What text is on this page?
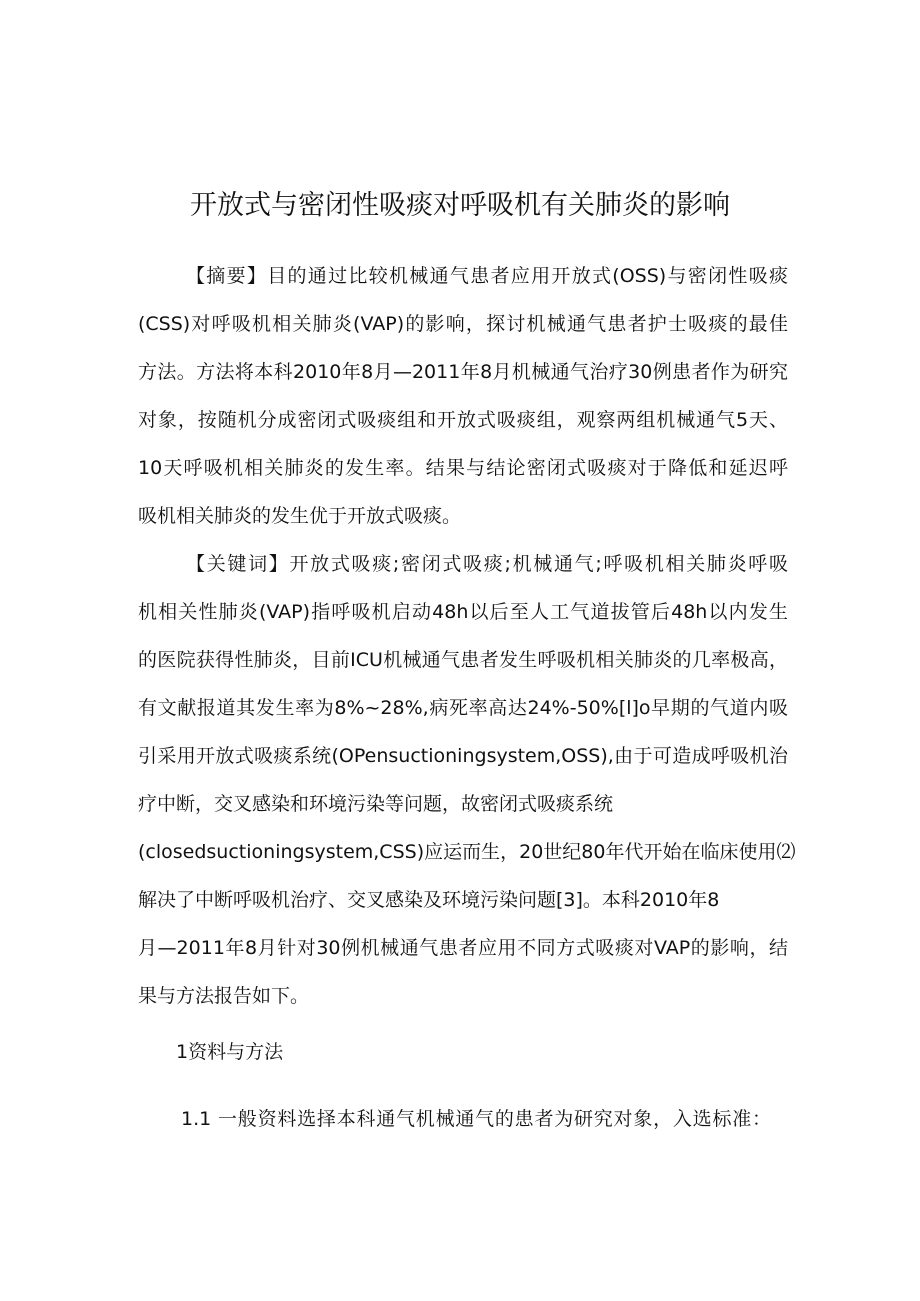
开放式与密闭性吸痰对呼吸机有关肺炎的影响
【摘要】目的通过比较机械通气患者应用开放式(OSS)与密闭性吸痰
(CSS)对呼吸机相关肺炎(VAP)的影响，探讨机械通气患者护士吸痰的最佳
方法。方法将本科2010年8月—2011年8月机械通气治疗30例患者作为研究
对象，按随机分成密闭式吸痰组和开放式吸痰组，观察两组机械通气5天、
10天呼吸机相关肺炎的发生率。结果与结论密闭式吸痰对于降低和延迟呼
吸机相关肺炎的发生优于开放式吸痰。
【关键词】开放式吸痰;密闭式吸痰;机械通气;呼吸机相关肺炎呼吸
机相关性肺炎(VAP)指呼吸机启动48h以后至人工气道拔管后48h以内发生
的医院获得性肺炎，目前ICU机械通气患者发生呼吸机相关肺炎的几率极高，
有文献报道其发生率为8%~28%,病死率高达24%-50%[l]o早期的气道内吸
引采用开放式吸痰系统(OPensuctioningsystem,OSS),由于可造成呼吸机治
疗中断，交叉感染和环境污染等问题，故密闭式吸痰系统
(closedsuctioningsystem,CSS)应运而生，20世纪80年代开始在临床使用⑵
解决了中断呼吸机治疗、交叉感染及环境污染问题[3]。本科2010年8
月—2011年8月针对30例机械通气患者应用不同方式吸痰对VAP的影响，结
果与方法报告如下。
1资料与方法
1.1 一般资料选择本科通气机械通气的患者为研究对象，入选标准：
